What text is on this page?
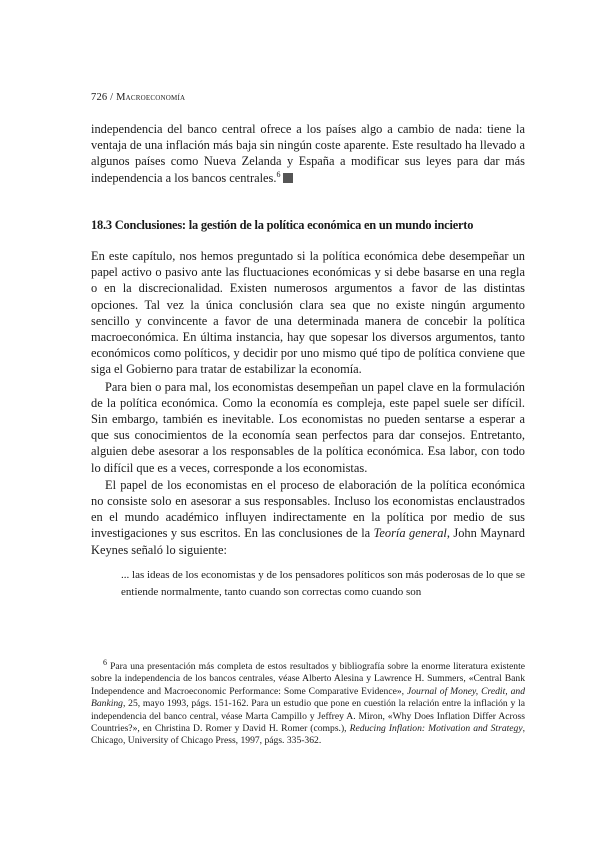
726 / Macroeconomía

independencia del banco central ofrece a los países algo a cambio de nada: tiene la ventaja de una inflación más baja sin ningún coste aparente. Este resultado ha llevado a algunos países como Nueva Zelanda y España a modificar sus leyes para dar más independencia a los bancos centrales.$^6$

18.3 Conclusiones: la gestión de la política económica en un mundo incierto

En este capítulo, nos hemos preguntado si la política económica debe desempeñar un papel activo o pasivo ante las fluctuaciones económicas y si debe basarse en una regla o en la discrecionalidad. Existen numerosos argumentos a favor de las distintas opciones. Tal vez la única conclusión clara sea que no existe ningún argumento sencillo y convincente a favor de una determinada manera de concebir la política macroeconómica. En última instancia, hay que sopesar los diversos argumentos, tanto económicos como políticos, y decidir por uno mismo qué tipo de política conviene que siga el Gobierno para tratar de estabilizar la economía.

Para bien o para mal, los economistas desempeñan un papel clave en la formulación de la política económica. Como la economía es compleja, este papel suele ser difícil. Sin embargo, también es inevitable. Los economistas no pueden sentarse a esperar a que sus conocimientos de la economía sean perfectos para dar consejos. Entretanto, alguien debe asesorar a los responsables de la política económica. Esa labor, con todo lo difícil que es a veces, corresponde a los economistas.

El papel de los economistas en el proceso de elaboración de la política económica no consiste solo en asesorar a sus responsables. Incluso los economistas enclaustrados en el mundo académico influyen indirectamente en la política por medio de sus investigaciones y sus escritos. En las conclusiones de la Teoría general, John Maynard Keynes señaló lo siguiente:

... las ideas de los economistas y de los pensadores políticos son más poderosas de lo que se entiende normalmente, tanto cuando son correctas como cuando son

$^6$ Para una presentación más completa de estos resultados y bibliografía sobre la enorme literatura existente sobre la independencia de los bancos centrales, véase Alberto Alesina y Lawrence H. Summers, «Central Bank Independence and Macroeconomic Performance: Some Comparative Evidence», Journal of Money, Credit, and Banking, 25, mayo 1993, págs. 151-162. Para un estudio que pone en cuestión la relación entre la inflación y la independencia del banco central, véase Marta Campillo y Jeffrey A. Miron, «Why Does Inflation Differ Across Countries?», en Christina D. Romer y David H. Romer (comps.), Reducing Inflation: Motivation and Strategy, Chicago, University of Chicago Press, 1997, págs. 335-362.
